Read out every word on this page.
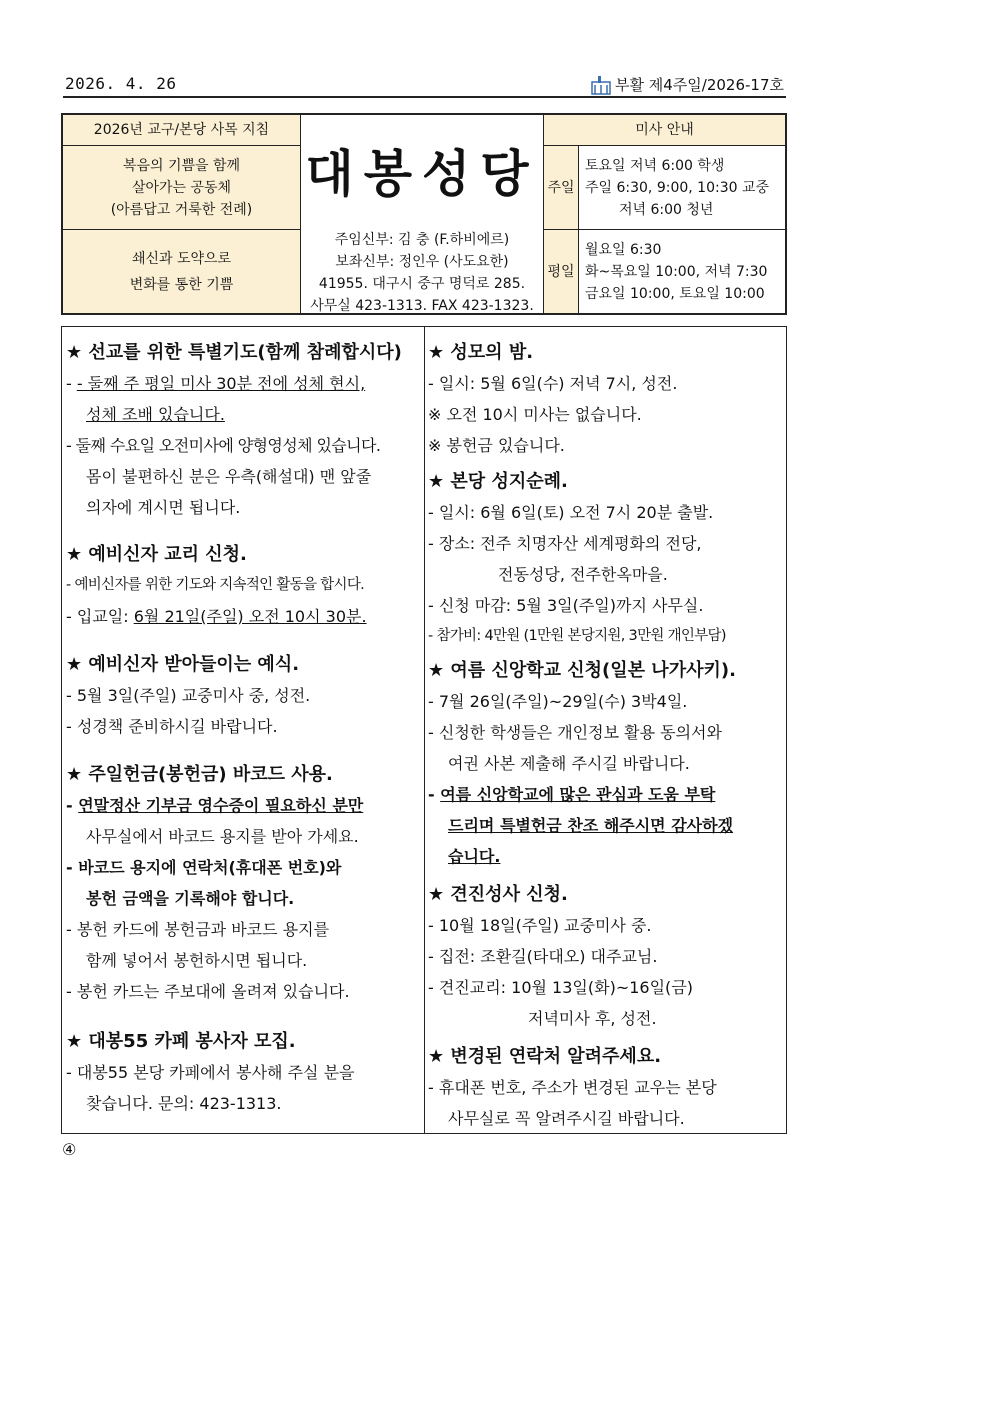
2026. 4. 26	부활 제4주일/2026-17호
2026년 교구/본당 사목 지침
복음의 기쁨을 함께
살아가는 공동체
(아름답고 거룩한 전례)
쇄신과 도약으로
변화를 통한 기쁨
대봉성당
주임신부: 김 충 (F.하비에르)
보좌신부: 정인우 (사도요한)
41955. 대구시 중구 명덕로 285.
사무실 423-1313. FAX 423-1323.
미사 안내
주일
토요일 저녁 6:00 학생
주일 6:30, 9:00, 10:30 교중
저녁 6:00 청년
평일
월요일 6:30
화~목요일 10:00, 저녁 7:30
금요일 10:00, 토요일 10:00
★ 선교를 위한 특별기도(함께 참례합시다)
- - 둘째 주 평일 미사 30분 전에 성체 현시,
성체 조배 있습니다.
- 둘째 수요일 오전미사에 양형영성체 있습니다.
몸이 불편하신 분은 우측(해설대) 맨 앞줄
의자에 계시면 됩니다.
★ 예비신자 교리 신청.
- 예비신자를 위한 기도와 지속적인 활동을 합시다.
- 입교일: 6월 21일(주일) 오전 10시 30분.
★ 예비신자 받아들이는 예식.
- 5월 3일(주일) 교중미사 중, 성전.
- 성경책 준비하시길 바랍니다.
★ 주일헌금(봉헌금) 바코드 사용.
- 연말정산 기부금 영수증이 필요하신 분만
사무실에서 바코드 용지를 받아 가세요.
- 바코드 용지에 연락처(휴대폰 번호)와
봉헌 금액을 기록해야 합니다.
- 봉헌 카드에 봉헌금과 바코드 용지를
함께 넣어서 봉헌하시면 됩니다.
- 봉헌 카드는 주보대에 올려져 있습니다.
★ 대봉55 카페 봉사자 모집.
- 대봉55 본당 카페에서 봉사해 주실 분을
찾습니다. 문의: 423-1313.
★ 성모의 밤.
- 일시: 5월 6일(수) 저녁 7시, 성전.
※ 오전 10시 미사는 없습니다.
※ 봉헌금 있습니다.
★ 본당 성지순례.
- 일시: 6월 6일(토) 오전 7시 20분 출발.
- 장소: 전주 치명자산 세계평화의 전당,
전동성당, 전주한옥마을.
- 신청 마감: 5월 3일(주일)까지 사무실.
- 참가비: 4만원 (1만원 본당지원, 3만원 개인부담)
★ 여름 신앙학교 신청(일본 나가사키).
- 7월 26일(주일)~29일(수) 3박4일.
- 신청한 학생들은 개인정보 활용 동의서와
여권 사본 제출해 주시길 바랍니다.
- 여름 신앙학교에 많은 관심과 도움 부탁
드리며 특별헌금 찬조 해주시면 감사하겠
습니다.
★ 견진성사 신청.
- 10월 18일(주일) 교중미사 중.
- 집전: 조환길(타대오) 대주교님.
- 견진교리: 10월 13일(화)~16일(금)
저녁미사 후, 성전.
★ 변경된 연락처 알려주세요.
- 휴대폰 번호, 주소가 변경된 교우는 본당
사무실로 꼭 알려주시길 바랍니다.
④
